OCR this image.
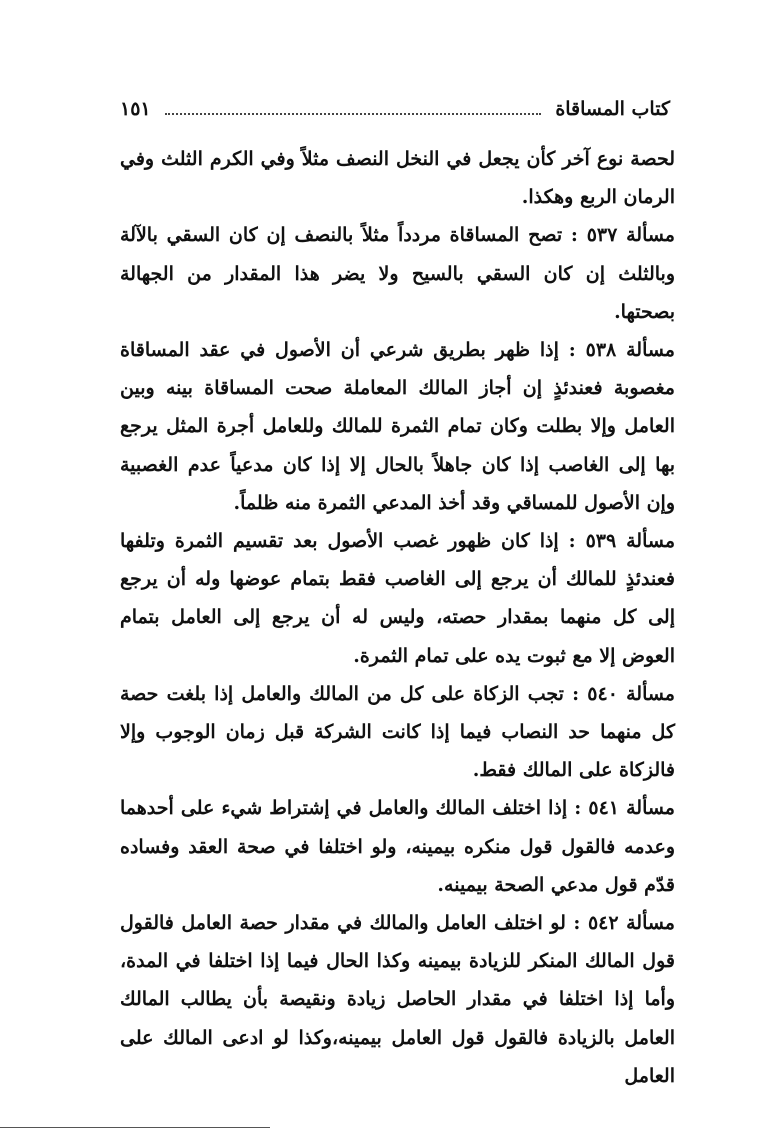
كتاب المساقاة
١٥١

لحصة نوع آخر كأن يجعل في النخل النصف مثلاً وفي الكرم الثلث وفي الرمان الربع وهكذا.

مسألة ٥٣٧ : تصح المساقاة مردداً مثلاً بالنصف إن كان السقي بالآلة وبالثلث إن كان السقي بالسيح ولا يضر هذا المقدار من الجهالة بصحتها.

مسألة ٥٣٨ : إذا ظهر بطريق شرعي أن الأصول في عقد المساقاة مغصوبة فعندئذٍ إن أجاز المالك المعاملة صحت المساقاة بينه وبين العامل وإلا بطلت وكان تمام الثمرة للمالك وللعامل أجرة المثل يرجع بها إلى الغاصب إذا كان جاهلاً بالحال إلا إذا كان مدعياً عدم الغصبية وإن الأصول للمساقي وقد أخذ المدعي الثمرة منه ظلماً.

مسألة ٥٣٩ : إذا كان ظهور غصب الأصول بعد تقسيم الثمرة وتلفها فعندئذٍ للمالك أن يرجع إلى الغاصب فقط بتمام عوضها وله أن يرجع إلى كل منهما بمقدار حصته، وليس له أن يرجع إلى العامل بتمام العوض إلا مع ثبوت يده على تمام الثمرة.

مسألة ٥٤٠ : تجب الزكاة على كل من المالك والعامل إذا بلغت حصة كل منهما حد النصاب فيما إذا كانت الشركة قبل زمان الوجوب وإلا فالزكاة على المالك فقط.

مسألة ٥٤١ : إذا اختلف المالك والعامل في إشتراط شيء على أحدهما وعدمه فالقول قول منكره بيمينه، ولو اختلفا في صحة العقد وفساده قدّم قول مدعي الصحة بيمينه.

مسألة ٥٤٢ : لو اختلف العامل والمالك في مقدار حصة العامل فالقول قول المالك المنكر للزيادة بيمينه وكذا الحال فيما إذا اختلفا في المدة، وأما إذا اختلفا في مقدار الحاصل زيادة ونقيصة بأن يطالب المالك العامل بالزيادة فالقول قول العامل بيمينه،وكذا لو ادعى المالك على العامل
